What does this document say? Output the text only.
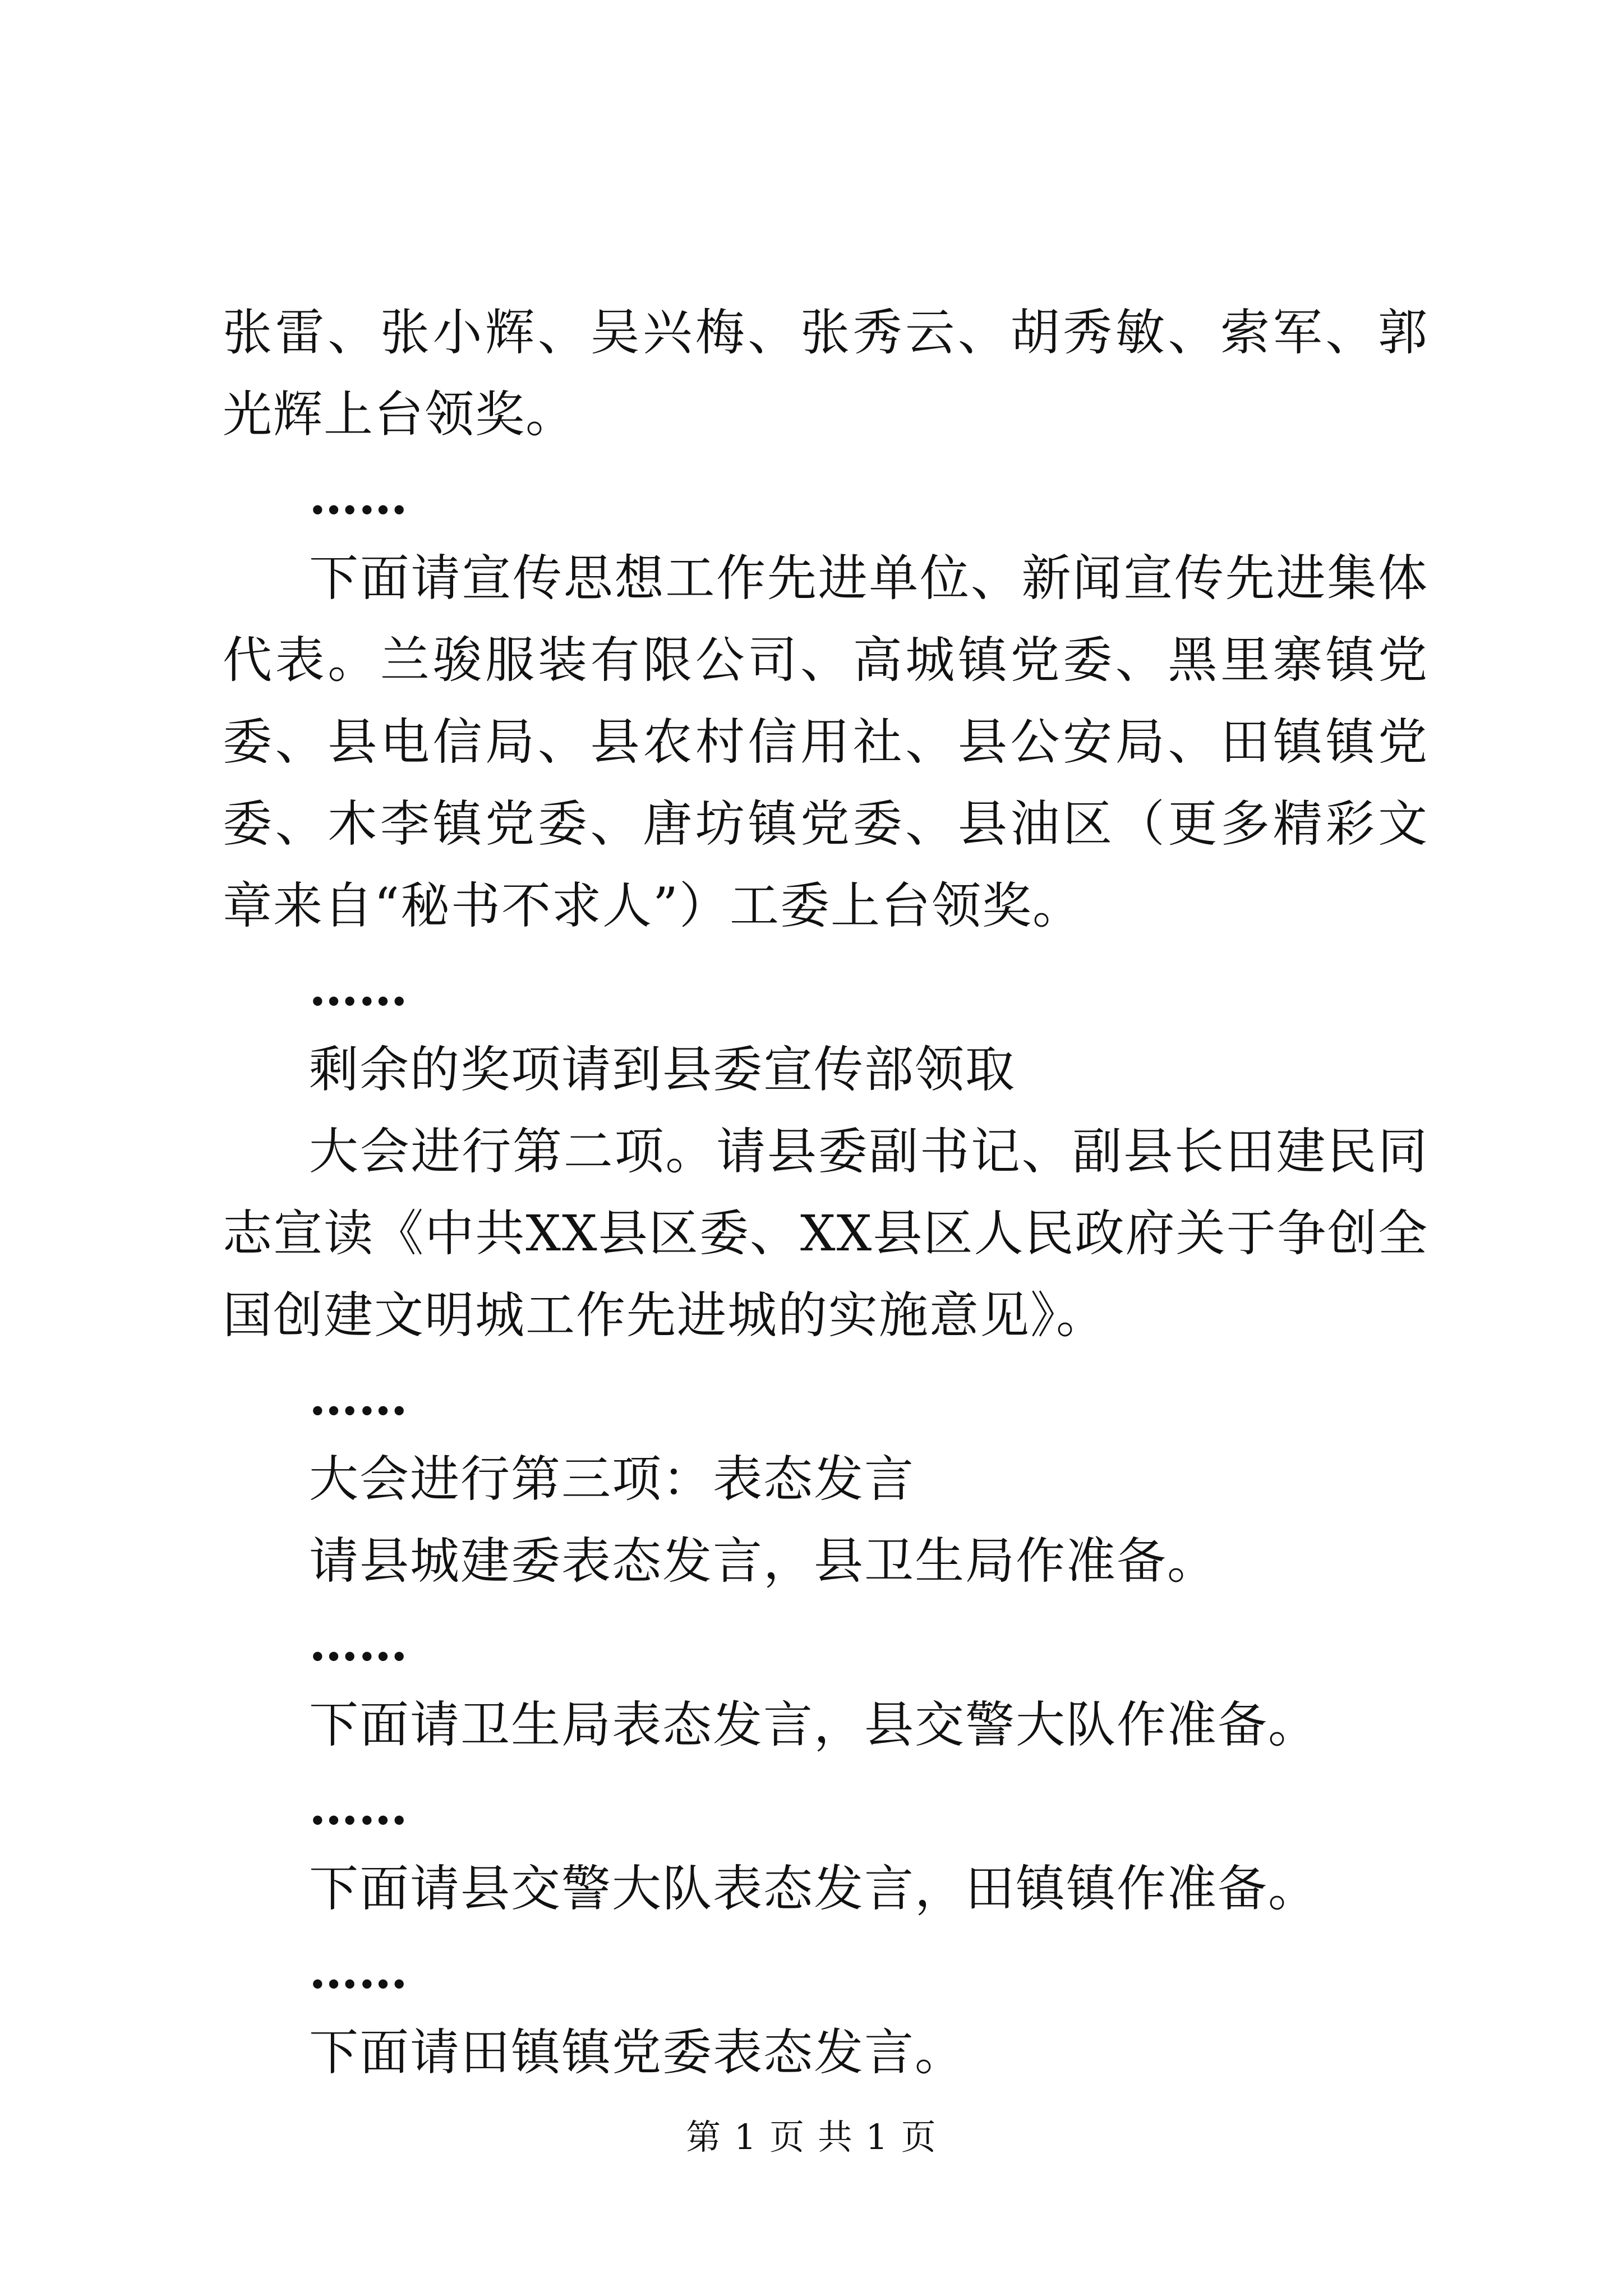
张雷、张小辉、吴兴梅、张秀云、胡秀敏、索军、郭光辉上台领奖。

……

下面请宣传思想工作先进单位、新闻宣传先进集体代表。兰骏服装有限公司、高城镇党委、黑里寨镇党委、县电信局、县农村信用社、县公安局、田镇镇党委、木李镇党委、唐坊镇党委、县油区（更多精彩文章来自“秘书不求人”）工委上台领奖。

……

剩余的奖项请到县委宣传部领取

大会进行第二项。请县委副书记、副县长田建民同志宣读《中共XX县区委、XX县区人民政府关于争创全国创建文明城工作先进城的实施意见》。

……

大会进行第三项：表态发言

请县城建委表态发言，县卫生局作准备。

……

下面请卫生局表态发言，县交警大队作准备。

……

下面请县交警大队表态发言，田镇镇作准备。

……

下面请田镇镇党委表态发言。

第 1 页 共 1 页
